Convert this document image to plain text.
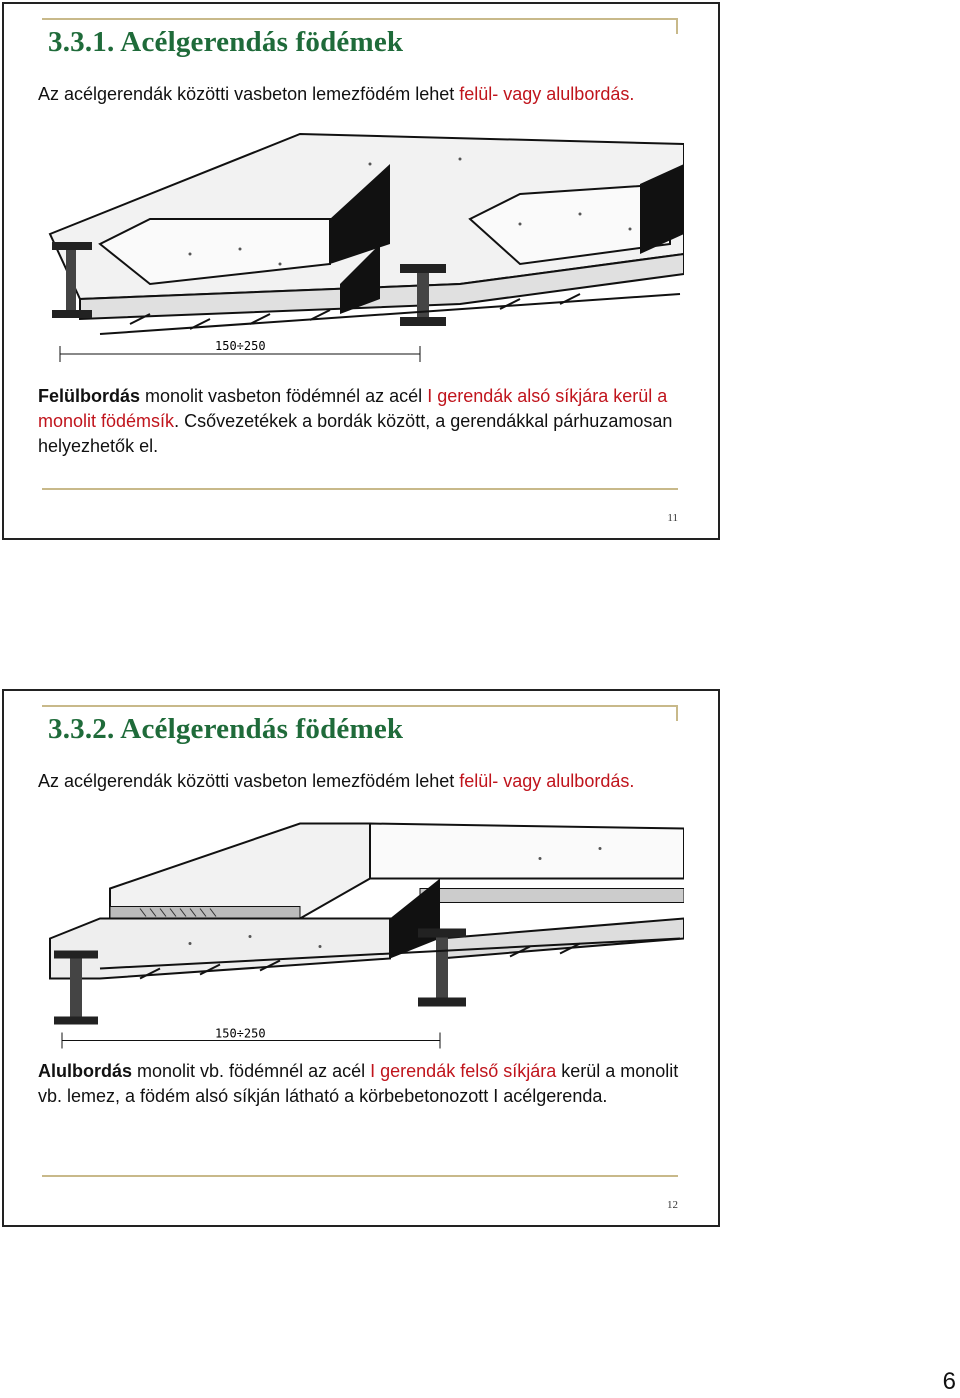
3.3.1. Acélgerendás födémek

Az acélgerendák közötti vasbeton lemezfödém lehet felül- vagy alulbordás.

150÷250

Felülbordás monolit vasbeton födémnél az acél I gerendák alsó síkjára kerül a monolit födémsík. Csővezetékek a bordák között, a gerendákkal párhuzamosan helyezhetők el.

11

3.3.2. Acélgerendás födémek

Az acélgerendák közötti vasbeton lemezfödém lehet felül- vagy alulbordás.

150÷250

Alulbordás monolit vb. födémnél az acél I gerendák felső síkjára kerül a monolit vb. lemez, a födém alsó síkján látható a körbebetonozott I acélgerenda.

12

6
